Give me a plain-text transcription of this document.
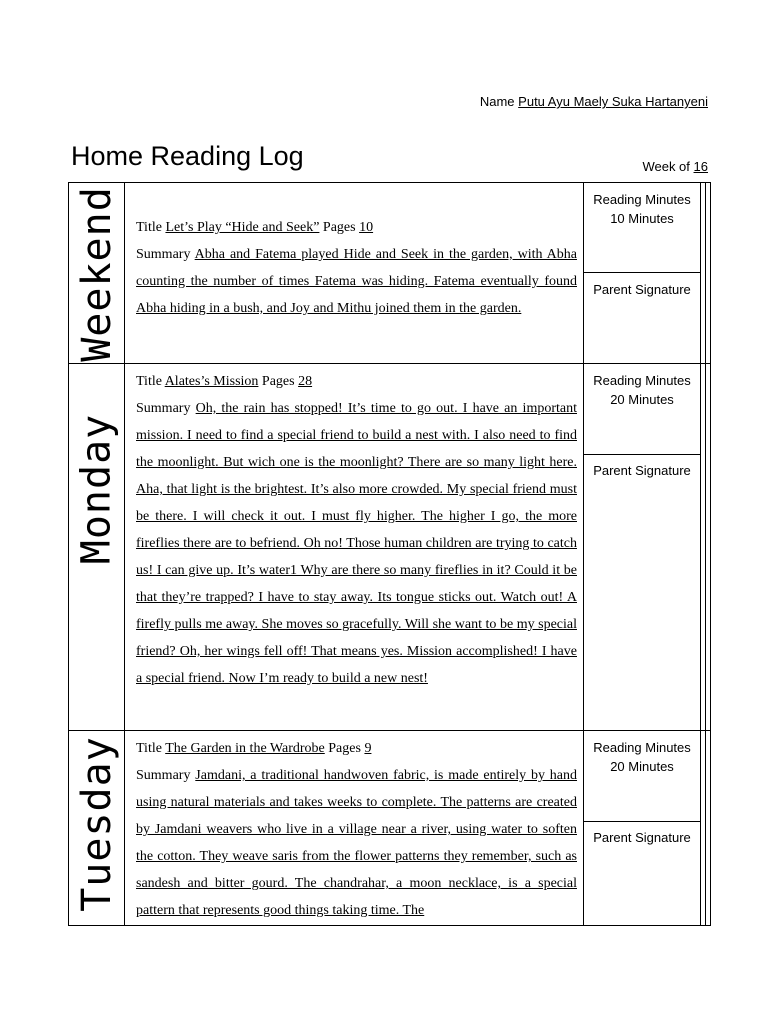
Name Putu Ayu Maely Suka Hartanyeni
Home Reading Log	Week of 16
Weekend Title Let’s Play “Hide and Seek” Pages 10

Summary Abha and Fatema played Hide and Seek in the garden, with Abha counting the number of times Fatema was hiding. Fatema eventually found Abha hiding in a bush, and Joy and Mithu joined them in the garden.

Reading Minutes
10 Minutes
Parent Signature
Monday

Title Alates’s Mission Pages 28

Summary Oh, the rain has stopped! It’s time to go out. I have an important mission. I need to find a special friend to build a nest with. I also need to find the moonlight. But wich one is the moonlight? There are so many light here. Aha, that light is the brightest. It’s also more crowded. My special friend must be there. I will check it out. I must fly higher. The higher I go, the more fireflies there are to befriend. Oh no! Those human children are trying to catch us! I can give up. It’s water1 Why are there so many fireflies in it? Could it be that they’re trapped? I have to stay away. Its tongue sticks out. Watch out! A firefly pulls me away. She moves so gracefully. Will she want to be my special friend? Oh, her wings fell off! That means yes. Mission accomplished! I have a special friend. Now I’m ready to build a new nest!

Reading Minutes
20 Minutes
Parent Signature
Tuesday Title The Garden in the Wardrobe Pages 9

Summary Jamdani, a traditional handwoven fabric, is made entirely by hand using natural materials and takes weeks to complete. The patterns are created by Jamdani weavers who live in a village near a river, using water to soften the cotton. They weave saris from the flower patterns they remember, such as sandesh and bitter gourd. The chandrahar, a moon necklace, is a special pattern that represents good things taking time. The

Reading Minutes
20 Minutes
Parent Signature
